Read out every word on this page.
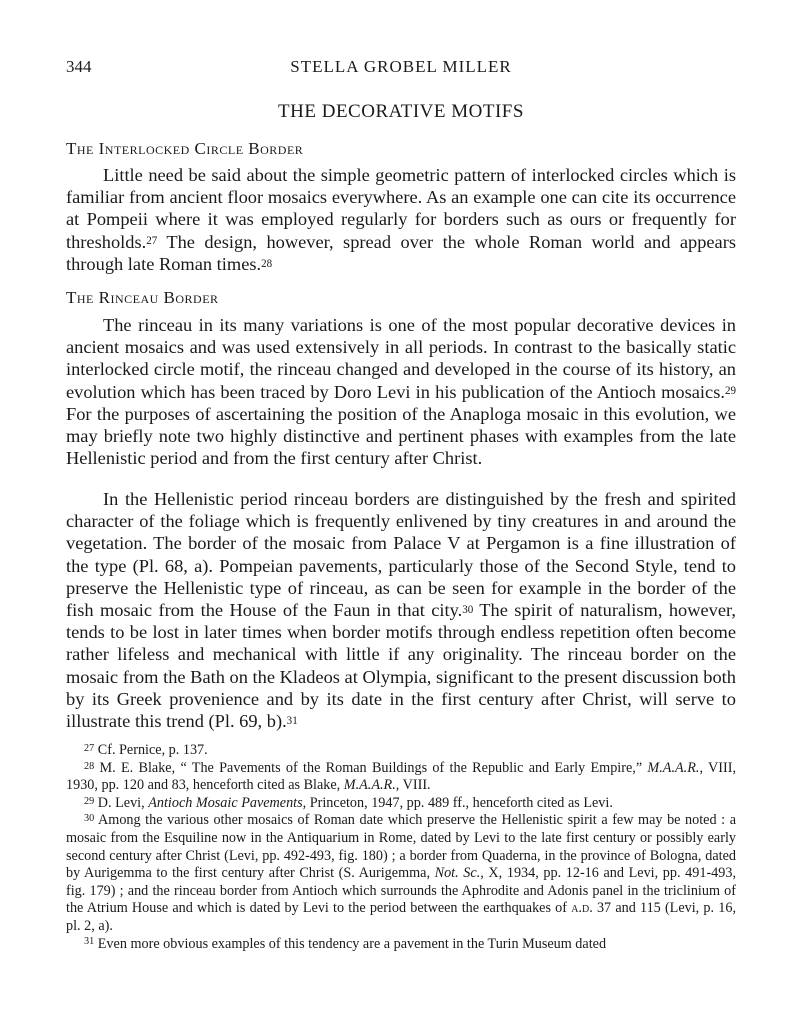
344	STELLA GROBEL MILLER
THE DECORATIVE MOTIFS
The Interlocked Circle Border

Little need be said about the simple geometric pattern of interlocked circles which is familiar from ancient floor mosaics everywhere. As an example one can cite its occurrence at Pompeii where it was employed regularly for borders such as ours or frequently for thresholds.$^{27}$ The design, however, spread over the whole Roman world and appears through late Roman times.$^{28}$

The Rinceau Border

The rinceau in its many variations is one of the most popular decorative devices in ancient mosaics and was used extensively in all periods. In contrast to the basically static interlocked circle motif, the rinceau changed and developed in the course of its history, an evolution which has been traced by Doro Levi in his publication of the Antioch mosaics.$^{29}$ For the purposes of ascertaining the position of the Anaploga mosaic in this evolution, we may briefly note two highly distinctive and pertinent phases with examples from the late Hellenistic period and from the first century after Christ.

In the Hellenistic period rinceau borders are distinguished by the fresh and spirited character of the foliage which is frequently enlivened by tiny creatures in and around the vegetation. The border of the mosaic from Palace V at Pergamon is a fine illustration of the type (Pl. 68, a). Pompeian pavements, particularly those of the Second Style, tend to preserve the Hellenistic type of rinceau, as can be seen for example in the border of the fish mosaic from the House of the Faun in that city.$^{30}$ The spirit of naturalism, however, tends to be lost in later times when border motifs through endless repetition often become rather lifeless and mechanical with little if any originality. The rinceau border on the mosaic from the Bath on the Kladeos at Olympia, significant to the present discussion both by its Greek provenience and by its date in the first century after Christ, will serve to illustrate this trend (Pl. 69, b).$^{31}$

$^{27}$ Cf. Pernice, p. 137.

$^{28}$ M. E. Blake, “ The Pavements of the Roman Buildings of the Republic and Early Empire,” M.A.A.R., VIII, 1930, pp. 120 and 83, henceforth cited as Blake, M.A.A.R., VIII.

$^{29}$ D. Levi, Antioch Mosaic Pavements, Princeton, 1947, pp. 489 ff., henceforth cited as Levi.

$^{30}$ Among the various other mosaics of Roman date which preserve the Hellenistic spirit a few may be noted : a mosaic from the Esquiline now in the Antiquarium in Rome, dated by Levi to the late first century or possibly early second century after Christ (Levi, pp. 492-493, fig. 180) ; a border from Quaderna, in the province of Bologna, dated by Aurigemma to the first century after Christ (S. Aurigemma, Not. Sc., X, 1934, pp. 12-16 and Levi, pp. 491-493, fig. 179) ; and the rinceau border from Antioch which surrounds the Aphrodite and Adonis panel in the triclinium of the Atrium House and which is dated by Levi to the period between the earthquakes of a.d. 37 and 115 (Levi, p. 16, pl. 2, a).

$^{31}$ Even more obvious examples of this tendency are a pavement in the Turin Museum dated
